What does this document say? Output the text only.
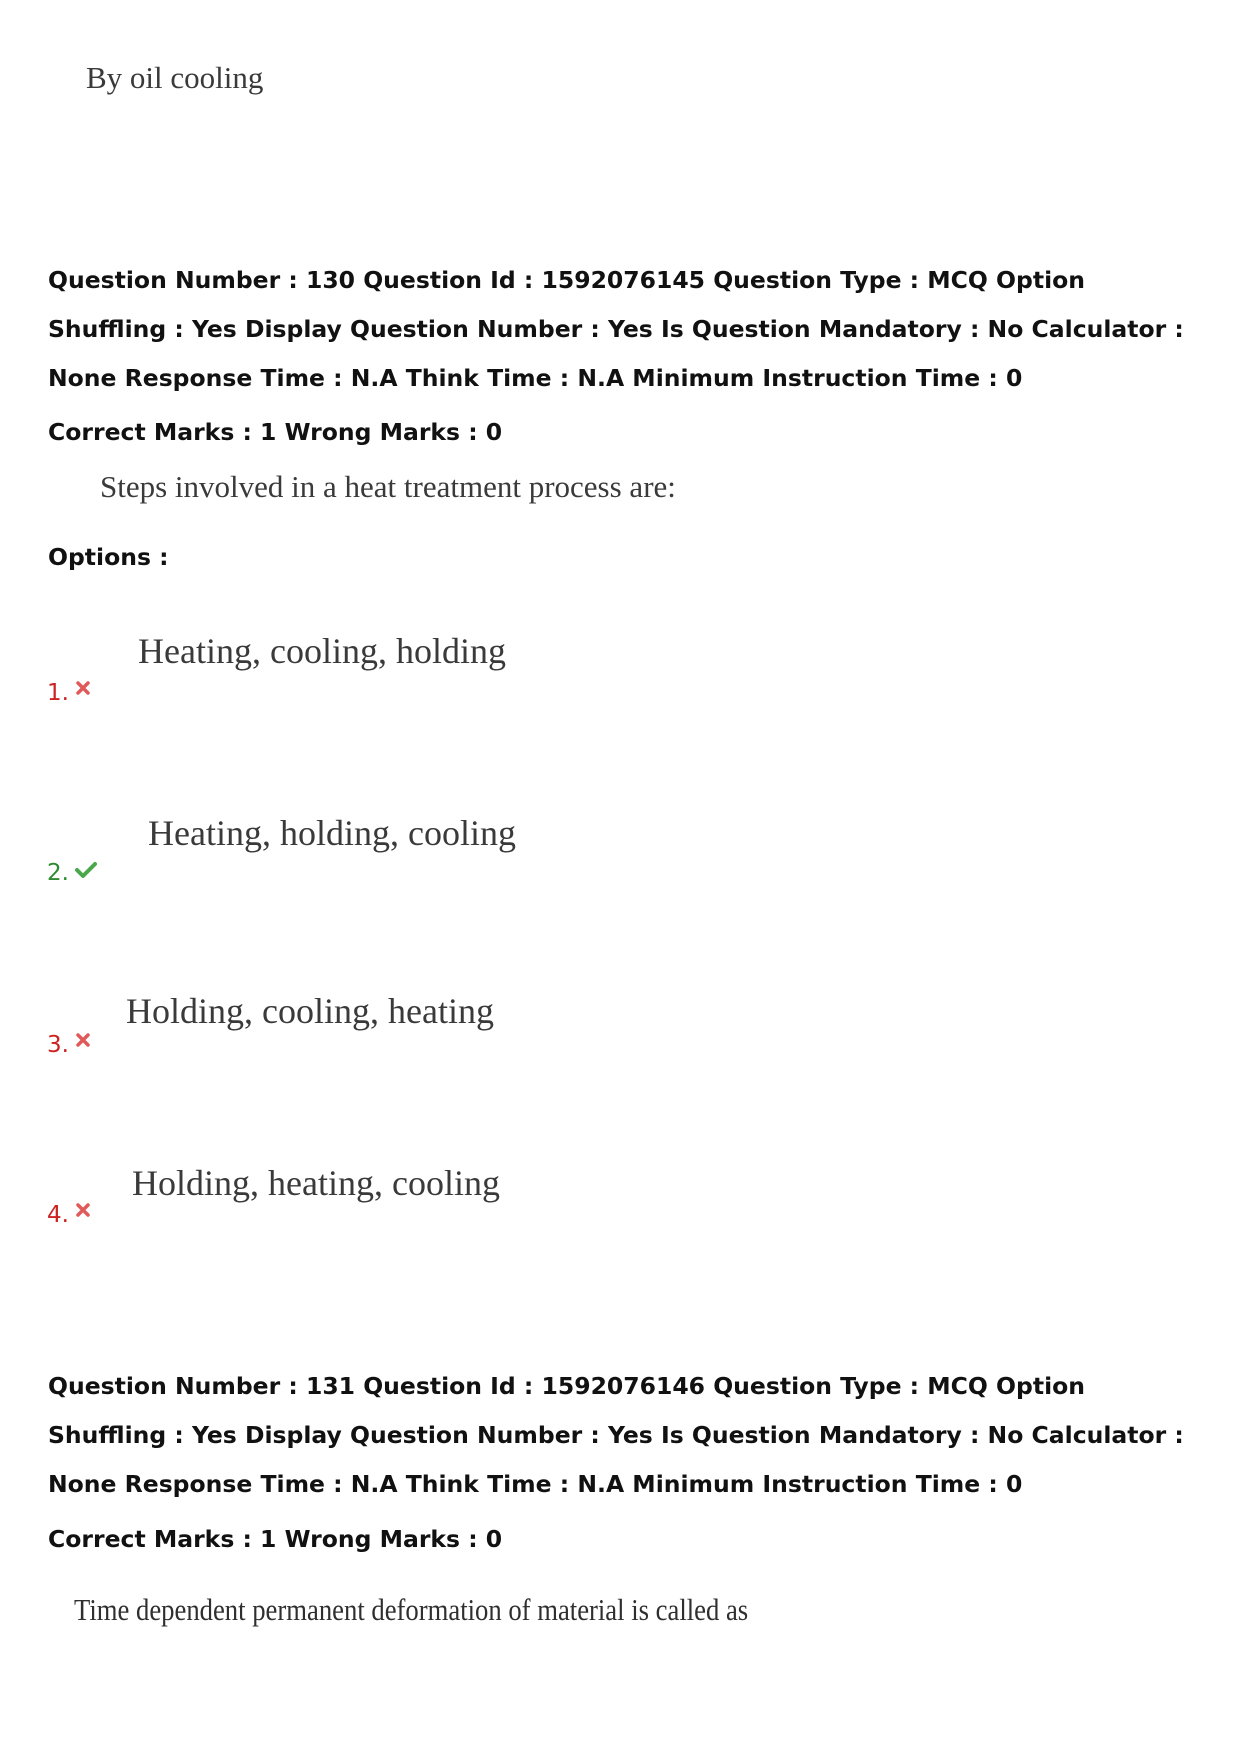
By oil cooling
Question Number : 130 Question Id : 1592076145 Question Type : MCQ Option Shuffling : Yes Display Question Number : Yes Is Question Mandatory : No Calculator : None Response Time : N.A Think Time : N.A Minimum Instruction Time : 0
Correct Marks : 1 Wrong Marks : 0
Steps involved in a heat treatment process are:
Options :
Heating, cooling, holding
1.
Heating, holding, cooling
2.
Holding, cooling, heating
3.
Holding, heating, cooling
4.
Question Number : 131 Question Id : 1592076146 Question Type : MCQ Option Shuffling : Yes Display Question Number : Yes Is Question Mandatory : No Calculator : None Response Time : N.A Think Time : N.A Minimum Instruction Time : 0
Correct Marks : 1 Wrong Marks : 0
Time dependent permanent deformation of material is called as
